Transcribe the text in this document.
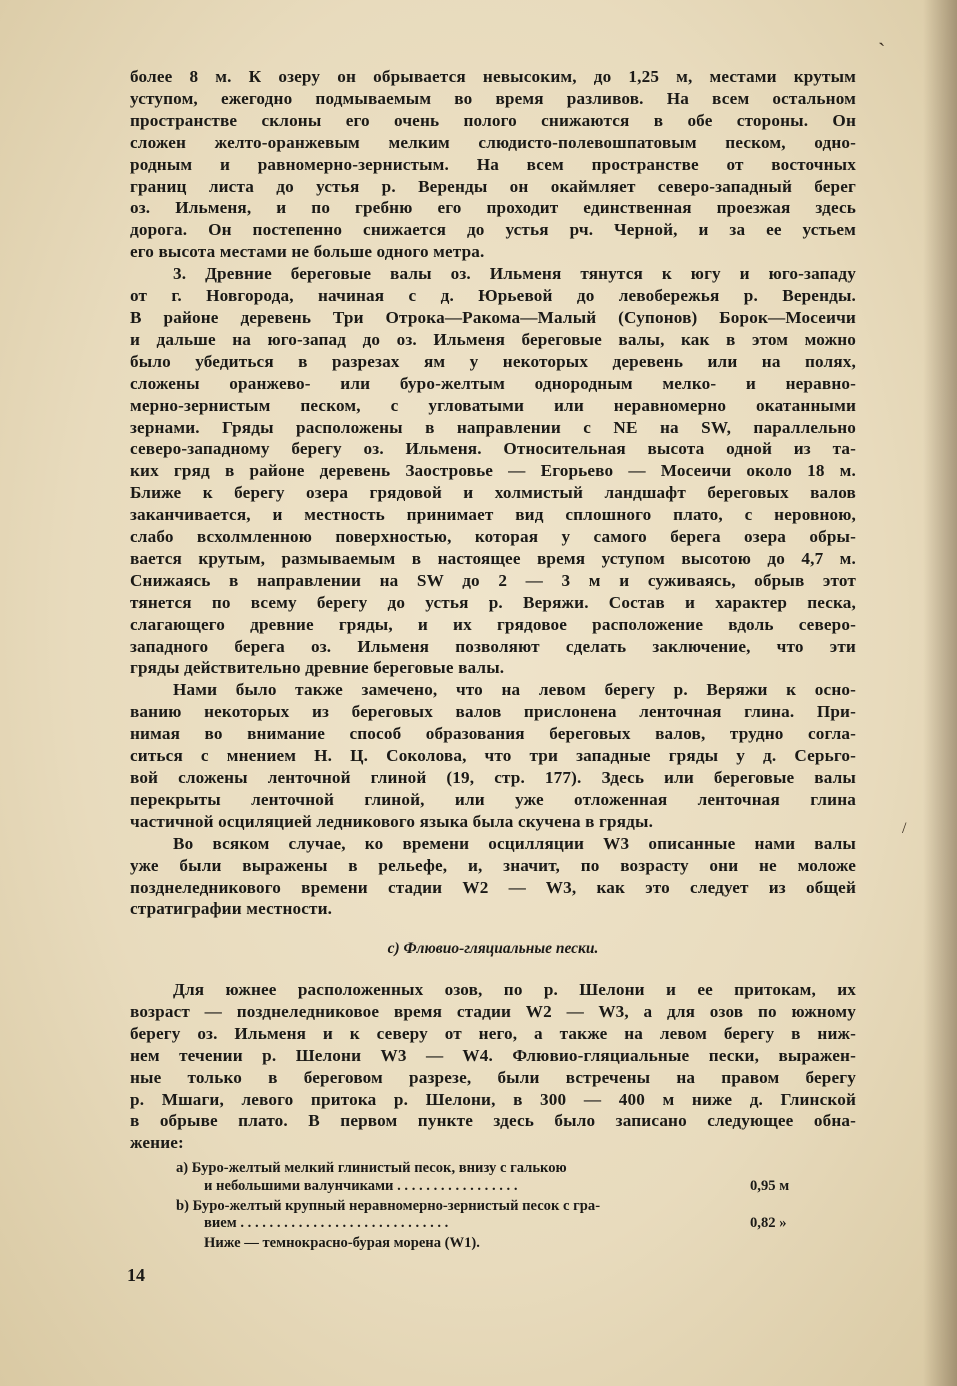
более 8 м. К озеру он обрывается невысоким, до 1,25 м, местами крутым

уступом, ежегодно подмываемым во время разливов. На всем остальном

пространстве склоны его очень полого снижаются в обе стороны. Он

сложен желто-оранжевым мелким слюдисто-полевошпатовым песком, одно-

родным и равномерно-зернистым. На всем пространстве от восточных

границ листа до устья р. Веренды он окаймляет северо-западный берег

оз. Ильменя, и по гребню его проходит единственная проезжая здесь

дорога. Он постепенно снижается до устья рч. Черной, и за ее устьем

его высота местами не больше одного метра.

3. Древние береговые валы оз. Ильменя тянутся к югу и юго-западу

от г. Новгорода, начиная с д. Юрьевой до левобережья р. Веренды.

В районе деревень Три Отрока—Ракома—Малый (Супонов) Борок—Мосеичи

и дальше на юго-запад до оз. Ильменя береговые валы, как в этом можно

было убедиться в разрезах ям у некоторых деревень или на полях,

сложены оранжево- или буро-желтым однородным мелко- и неравно-

мерно-зернистым песком, с угловатыми или неравномерно окатанными

зернами. Гряды расположены в направлении с NE на SW, параллельно

северо-западному берегу оз. Ильменя. Относительная высота одной из та-

ких гряд в районе деревень Заостровье — Егорьево — Мосеичи около 18 м.

Ближе к берегу озера грядовой и холмистый ландшафт береговых валов

заканчивается, и местность принимает вид сплошного плато, с неровною,

слабо всхолмленною поверхностью, которая у самого берега озера обры-

вается крутым, размываемым в настоящее время уступом высотою до 4,7 м.

Снижаясь в направлении на SW до 2 — 3 м и суживаясь, обрыв этот

тянется по всему берегу до устья р. Веряжи. Состав и характер песка,

слагающего древние гряды, и их грядовое расположение вдоль северо-

западного берега оз. Ильменя позволяют сделать заключение, что эти

гряды действительно древние береговые валы.

Нами было также замечено, что на левом берегу р. Веряжи к осно-

ванию некоторых из береговых валов прислонена ленточная глина. При-

нимая во внимание способ образования береговых валов, трудно согла-

ситься с мнением Н. Ц. Соколова, что три западные гряды у д. Серьго-

вой сложены ленточной глиной (19, стр. 177). Здесь или береговые валы

перекрыты ленточной глиной, или уже отложенная ленточная глина

частичной осциляцией ледникового языка была скучена в гряды.

Во всяком случае, ко времени осцилляции W3 описанные нами валы

уже были выражены в рельефе, и, значит, по возрасту они не моложе

позднеледникового времени стадии W2 — W3, как это следует из общей

стратиграфии местности.

c) Флювио-гляциальные пески.

Для южнее расположенных озов, по р. Шелони и ее притокам, их

возраст — позднеледниковое время стадии W2 — W3, а для озов по южному

берегу оз. Ильменя и к северу от него, а также на левом берегу в ниж-

нем течении р. Шелони W3 — W4. Флювио-гляциальные пески, выражен-

ные только в береговом разрезе, были встречены на правом берегу

р. Мшаги, левого притока р. Шелони, в 300 — 400 м ниже д. Глинской

в обрыве плато. В первом пункте здесь было записано следующее обна-

жение:

a) Буро-желтый мелкий глинистый песок, внизу с галькою
и небольшими валунчиками . . . . . . . . . . . . . . . . .	0,95 м
b) Буро-желтый крупный неравномерно-зернистый песок с гра-
вием . . . . . . . . . . . . . . . . . . . . . . . . . . . . .	0,82 »
Ниже — темнокрасно-бурая морена (W1).
14
ˋ
/
